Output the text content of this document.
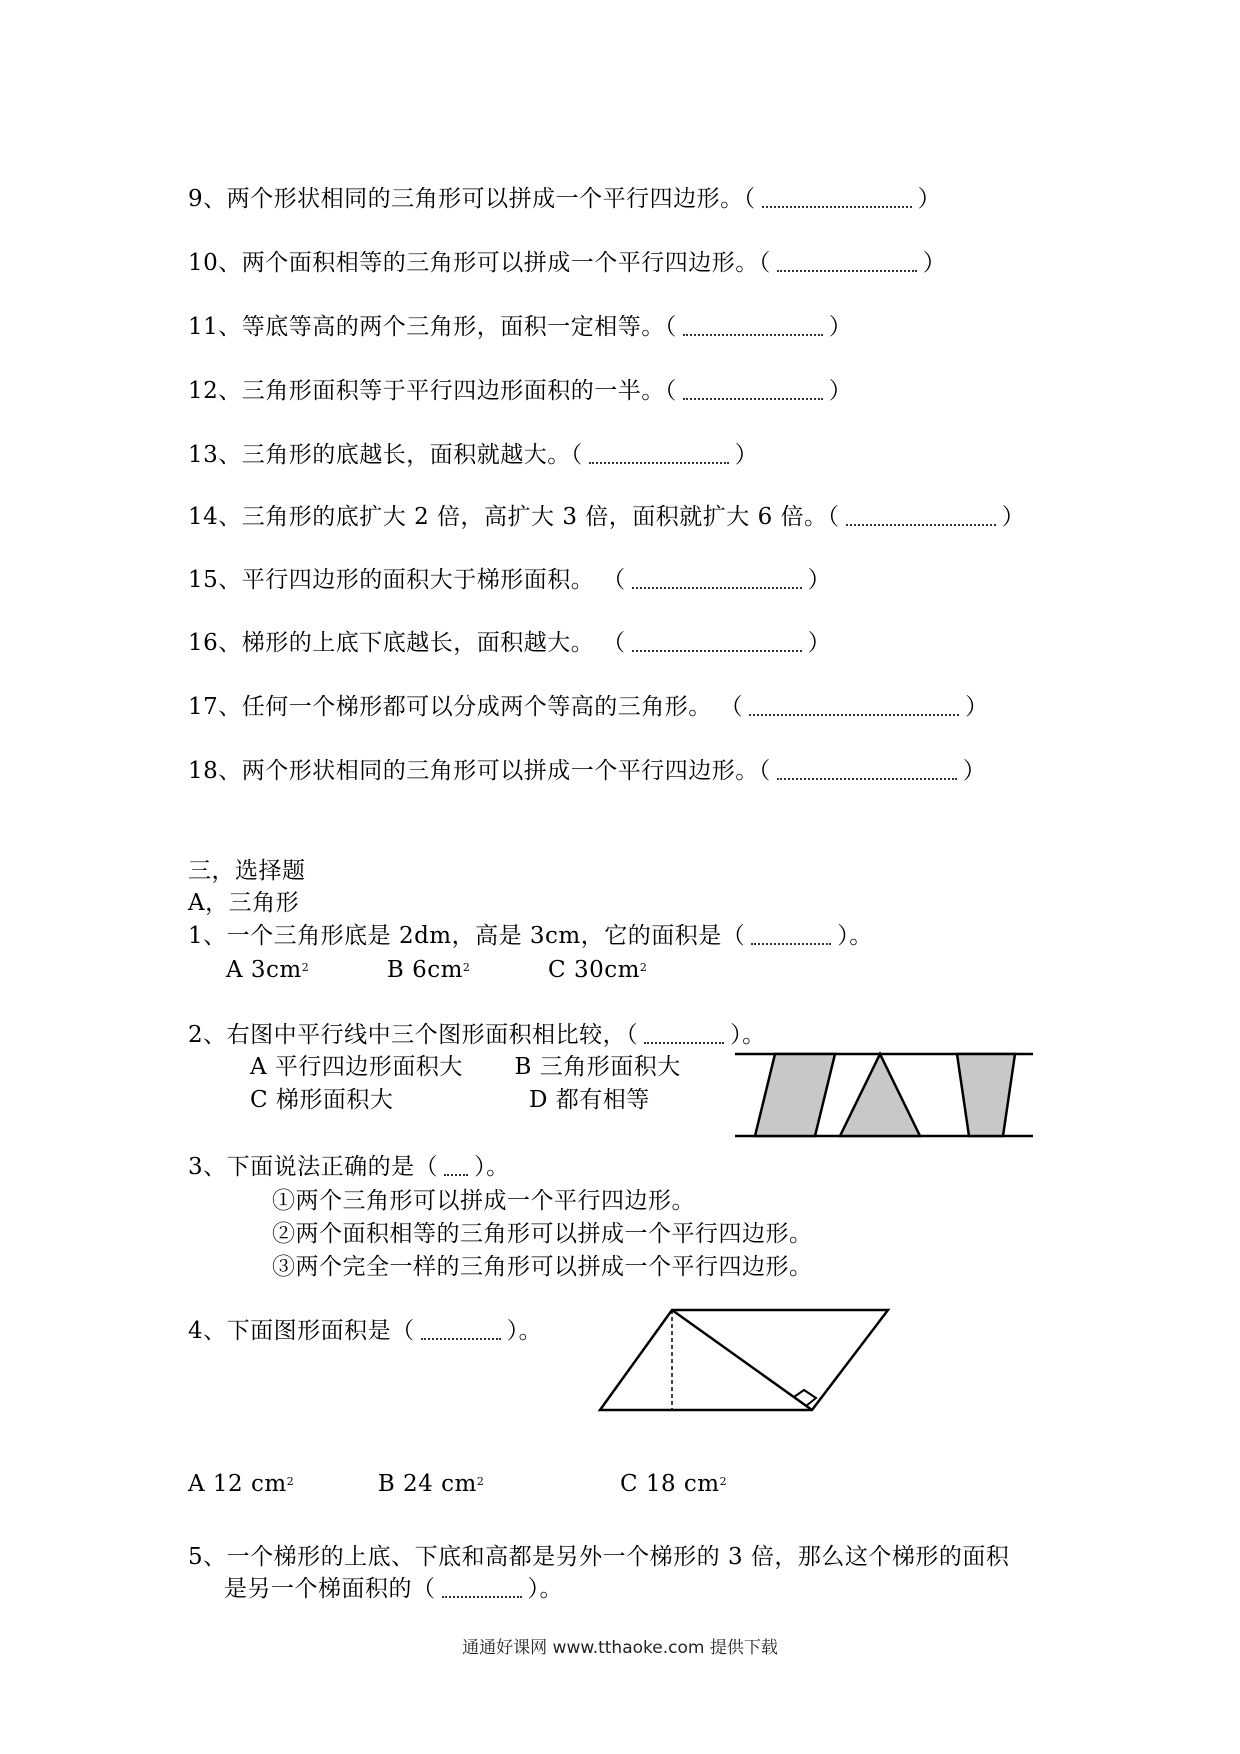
9、两个形状相同的三角形可以拼成一个平行四边形。（	）
10、两个面积相等的三角形可以拼成一个平行四边形。（	）
11、等底等高的两个三角形，面积一定相等。（	）
12、三角形面积等于平行四边形面积的一半。（	）
13、三角形的底越长，面积就越大。（	）
14、三角形的底扩大 2 倍，高扩大 3 倍，面积就扩大 6 倍。（	）
15、平行四边形的面积大于梯形面积。 （	）
16、梯形的上底下底越长，面积越大。 （	）
17、任何一个梯形都可以分成两个等高的三角形。 （	）
18、两个形状相同的三角形可以拼成一个平行四边形。（	）
三，选择题
A，三角形
1、一个三角形底是 2dm，高是 3cm，它的面积是（	）。
A $3cm^2$	B $6cm^2$	C $30cm^2$
2、右图中平行线中三个图形面积相比较，（	）。
A 平行四边形面积大 B 三角形面积大
C 梯形面积大	D 都有相等
3、下面说法正确的是（ ）。
①两个三角形可以拼成一个平行四边形。
②两个面积相等的三角形可以拼成一个平行四边形。
③两个完全一样的三角形可以拼成一个平行四边形。
4、下面图形面积是（	）。
A 12 $cm^2$	B 24 $cm^2$	C 18 $cm^2$
5、一个梯形的上底、下底和高都是另外一个梯形的 3 倍，那么这个梯形的面积
是另一个梯面积的（	）。
通通好课网 www.tthaoke.com 提供下载
